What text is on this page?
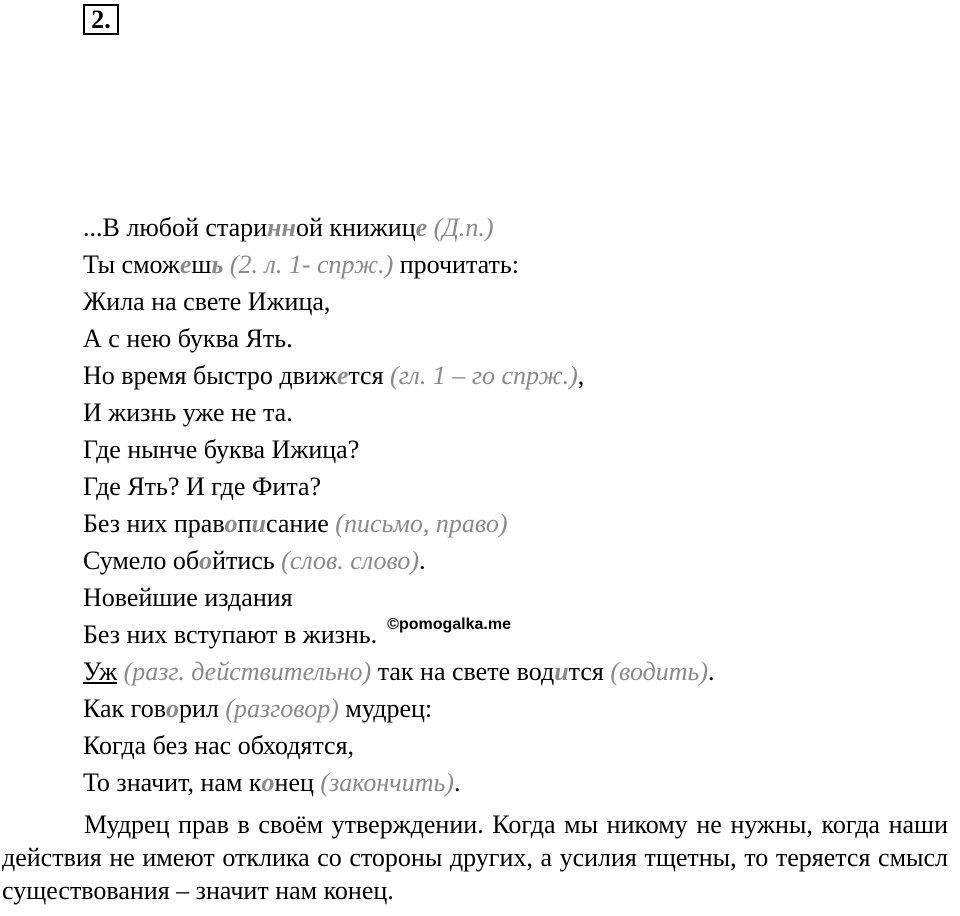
2.
...В любой старинной книжице (Д.п.)
Ты сможешь (2. л. 1- спрж.) прочитать:
Жила на свете Ижица,
А с нею буква Ять.
Но время быстро движется (гл. 1 – го спрж.),
И жизнь уже не та.
Где нынче буква Ижица?
Где Ять? И где Фита?
Без них правописание (письмо, право)
Сумело обойтись (слов. слово).
Новейшие издания
Без них вступают в жизнь. $^{©pomogalka.me}$
Уж (разг. действительно) так на свете водится (водить).
Как говорил (разговор) мудрец:
Когда без нас обходятся,
То значит, нам конец (закончить).

Мудрец прав в своём утверждении. Когда мы никому не нужны, когда наши действия не имеют отклика со стороны других, а усилия тщетны, то теряется смысл существования – значит нам конец.
